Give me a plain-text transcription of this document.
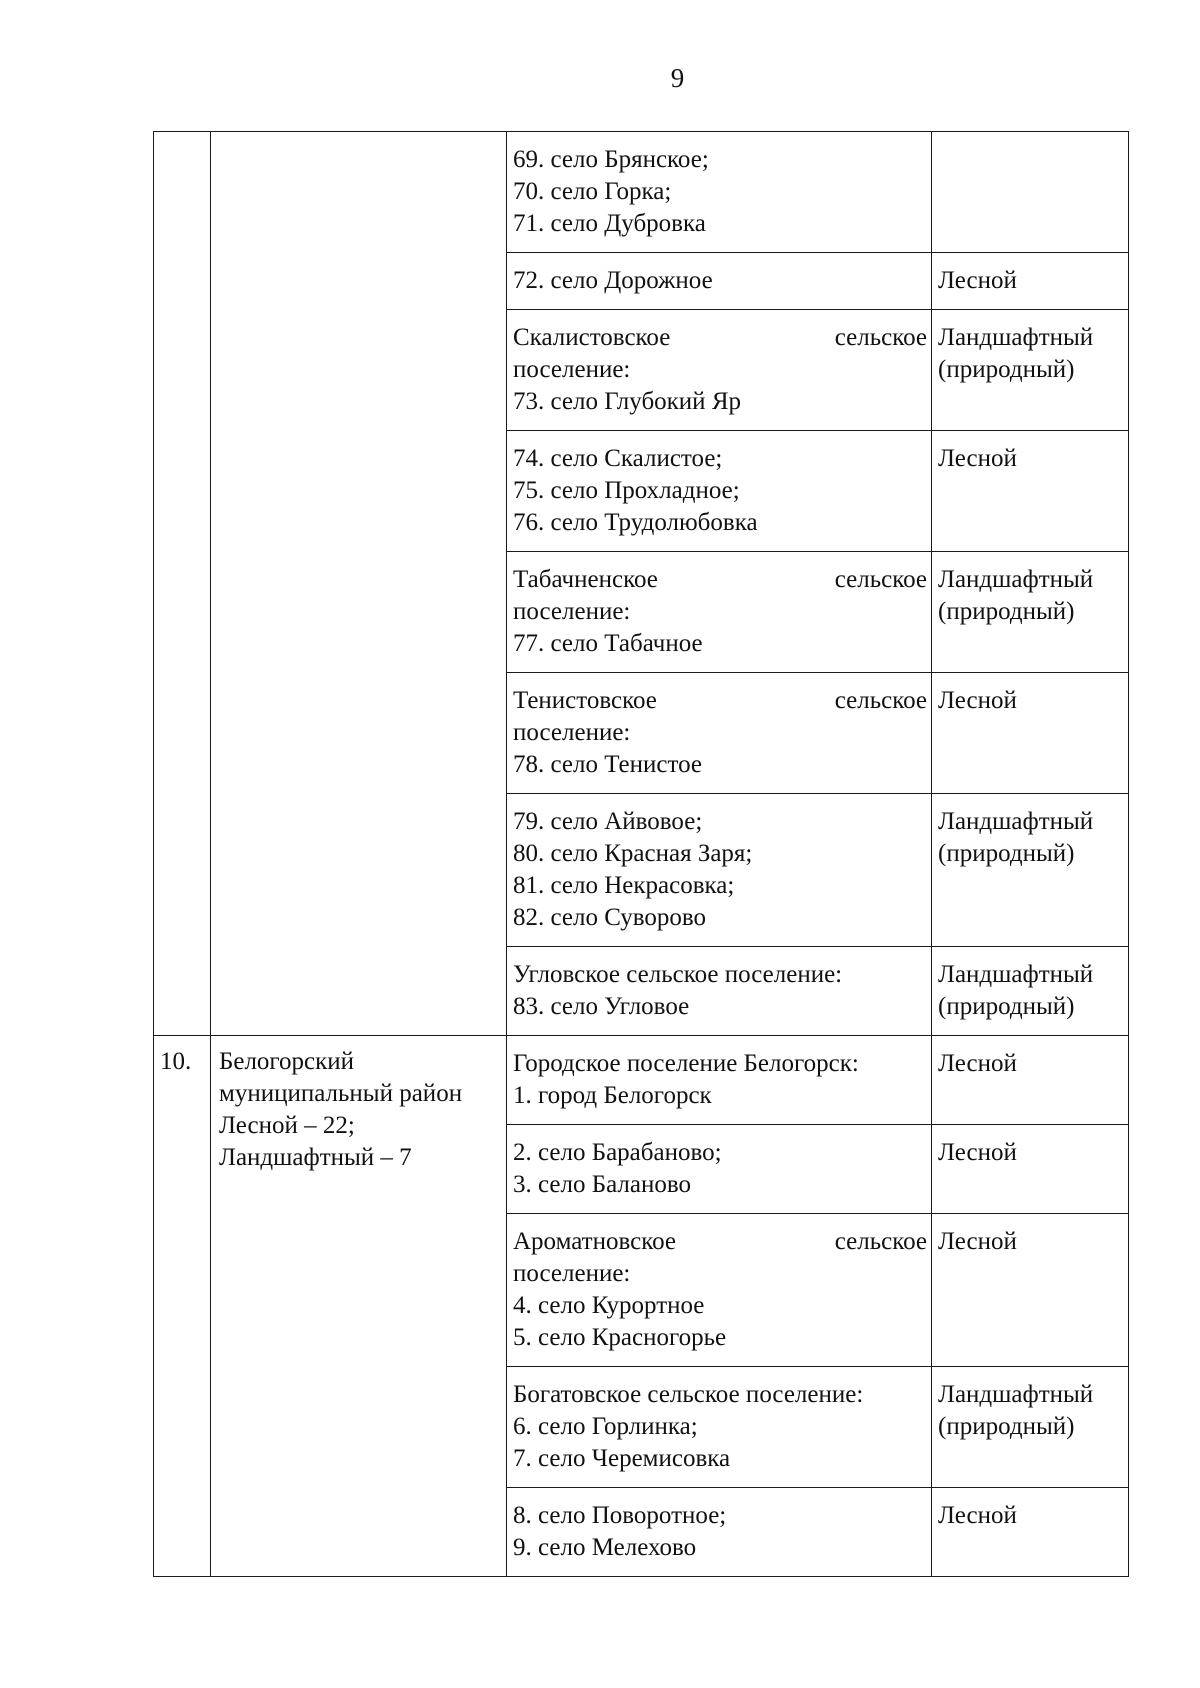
9

		69. село Брянское;
70. село Горка;
71. село Дубровка	

		72. село Дорожное	Лесной

		Скалистовское сельское
поселение:
73. село Глубокий Яр	Ландшафтный
(природный)

		74. село Скалистое;
75. село Прохладное;
76. село Трудолюбовка	Лесной

		Табачненское сельское
поселение:
77. село Табачное	Ландшафтный
(природный)

		Тенистовское сельское
поселение:
78. село Тенистое	Лесной

		79. село Айвовое;
80. село Красная Заря;
81. село Некрасовка;
82. село Суворово	Ландшафтный
(природный)

		Угловское сельское поселение:
83. село Угловое	Ландшафтный
(природный)

10.	Белогорский
муниципальный район
Лесной – 22;
Ландшафтный – 7	Городское поселение Белогорск:
1. город Белогорск	Лесной

		2. село Барабаново;
3. село Баланово	Лесной

		Ароматновское сельское
поселение:
4. село Курортное
5. село Красногорье	Лесной

		Богатовское сельское поселение:
6. село Горлинка;
7. село Черемисовка	Ландшафтный
(природный)

		8. село Поворотное;
9. село Мелехово	Лесной
